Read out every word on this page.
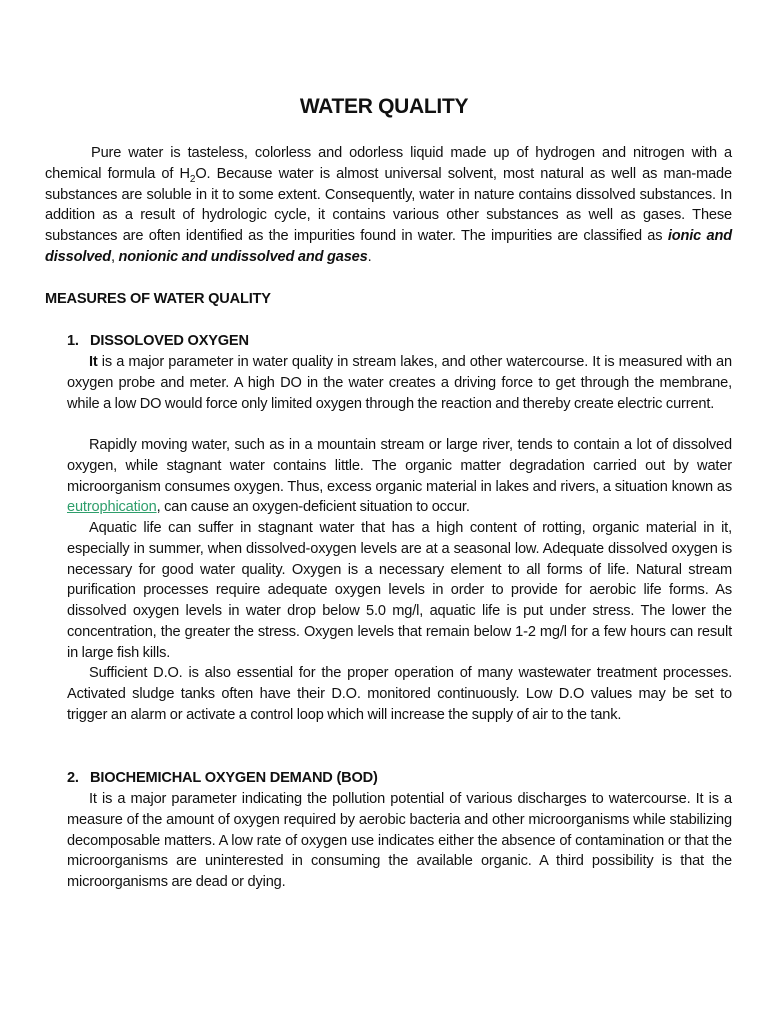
WATER QUALITY

Pure water is tasteless, colorless and odorless liquid made up of hydrogen and nitrogen with a chemical formula of $H_2O$. Because water is almost universal solvent, most natural as well as man-made substances are soluble in it to some extent. Consequently, water in nature contains dissolved substances. In addition as a result of hydrologic cycle, it contains various other substances as well as gases. These substances are often identified as the impurities found in water. The impurities are classified as ionic and dissolved, nonionic and undissolved and gases.

MEASURES OF WATER QUALITY
1. DISSOLOVED OXYGEN

It is a major parameter in water quality in stream lakes, and other watercourse. It is measured with an oxygen probe and meter. A high DO in the water creates a driving force to get through the membrane, while a low DO would force only limited oxygen through the reaction and thereby create electric current.

Rapidly moving water, such as in a mountain stream or large river, tends to contain a lot of dissolved oxygen, while stagnant water contains little. The organic matter degradation carried out by water microorganism consumes oxygen. Thus, excess organic material in lakes and rivers, a situation known as eutrophication, can cause an oxygen-deficient situation to occur.

Aquatic life can suffer in stagnant water that has a high content of rotting, organic material in it, especially in summer, when dissolved-oxygen levels are at a seasonal low. Adequate dissolved oxygen is necessary for good water quality. Oxygen is a necessary element to all forms of life. Natural stream purification processes require adequate oxygen levels in order to provide for aerobic life forms. As dissolved oxygen levels in water drop below 5.0 mg/l, aquatic life is put under stress. The lower the concentration, the greater the stress. Oxygen levels that remain below 1-2 mg/l for a few hours can result in large fish kills.

Sufficient D.O. is also essential for the proper operation of many wastewater treatment processes. Activated sludge tanks often have their D.O. monitored continuously. Low D.O values may be set to trigger an alarm or activate a control loop which will increase the supply of air to the tank.

2. BIOCHEMICHAL OXYGEN DEMAND (BOD)

It is a major parameter indicating the pollution potential of various discharges to watercourse. It is a measure of the amount of oxygen required by aerobic bacteria and other microorganisms while stabilizing decomposable matters. A low rate of oxygen use indicates either the absence of contamination or that the microorganisms are uninterested in consuming the available organic. A third possibility is that the microorganisms are dead or dying.
